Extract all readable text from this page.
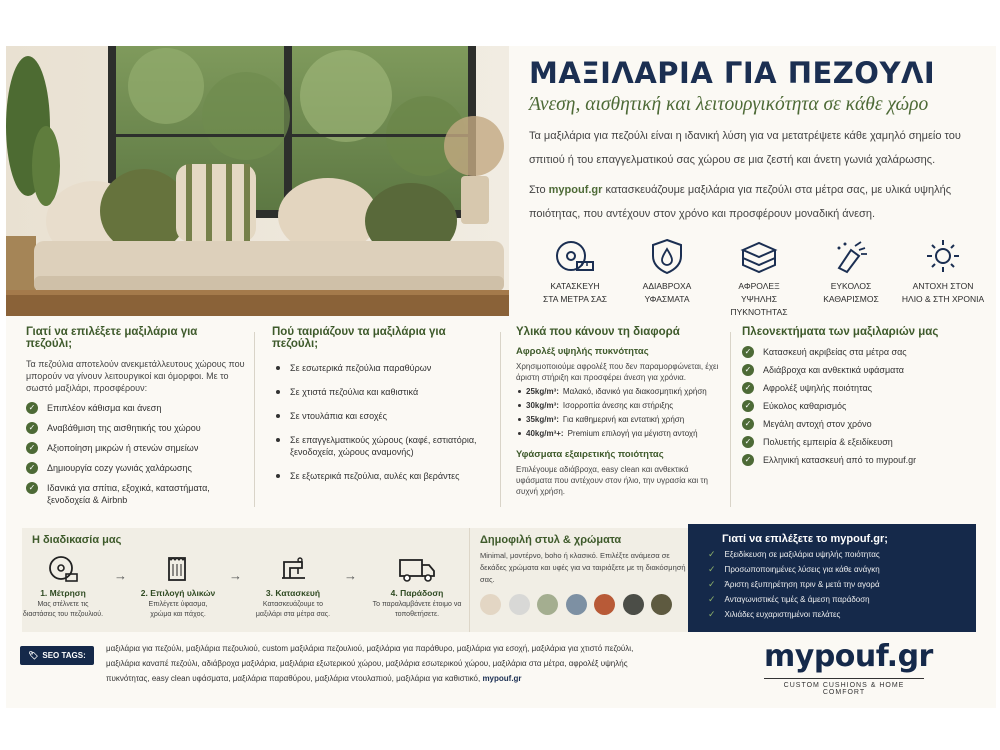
ΜΑΞΙΛΑΡΙΑ ΓΙΑ ΠΕΖΟΥΛΙ
Άνεση, αισθητική και λειτουργικότητα σε κάθε χώρο
Τα μαξιλάρια για πεζούλι είναι η ιδανική λύση για να μετατρέψετε κάθε χαμηλό σημείο του σπιτιού ή του επαγγελματικού σας χώρου σε μια ζεστή και άνετη γωνιά χαλάρωσης.
Στο mypouf.gr κατασκευάζουμε μαξιλάρια για πεζούλι στα μέτρα σας, με υλικά υψηλής ποιότητας, που αντέχουν στον χρόνο και προσφέρουν μοναδική άνεση.
ΚΑΤΑΣΚΕΥΗ
ΣΤΑ ΜΕΤΡΑ ΣΑΣ
ΑΔΙΑΒΡΟΧΑ
ΥΦΑΣΜΑΤΑ
ΑΦΡΟΛΕΞ
ΥΨΗΛΗΣ ΠΥΚΝΟΤΗΤΑΣ
ΕΥΚΟΛΟΣ
ΚΑΘΑΡΙΣΜΟΣ
ΑΝΤΟΧΗ ΣΤΟΝ
ΗΛΙΟ & ΣΤΗ ΧΡΟΝΙΑ
Γιατί να επιλέξετε μαξιλάρια για πεζούλι;

Τα πεζούλια αποτελούν ανεκμετάλλευτους χώρους που μπορούν να γίνουν λειτουργικοί και όμορφοι. Με το σωστό μαξιλάρι, προσφέρουν:

✓ Επιπλέον κάθισμα και άνεση
✓ Αναβάθμιση της αισθητικής του χώρου
✓ Αξιοποίηση μικρών ή στενών σημείων
✓ Δημιουργία cozy γωνιάς χαλάρωσης
✓ Ιδανικά για σπίτια, εξοχικά, καταστήματα, ξενοδοχεία & Airbnb
Πού ταιριάζουν τα μαξιλάρια για πεζούλι;
Σε εσωτερικά πεζούλια παραθύρων
Σε χτιστά πεζούλια και καθιστικά
Σε ντουλάπια και εσοχές
Σε επαγγελματικούς χώρους (καφέ, εστιατόρια, ξενοδοχεία, χώρους αναμονής)
Σε εξωτερικά πεζούλια, αυλές και βεράντες
Υλικά που κάνουν τη διαφορά
Αφρολέξ υψηλής πυκνότητας

Χρησιμοποιούμε αφρολέξ που δεν παραμορφώνεται, έχει άριστη στήριξη και προσφέρει άνεση για χρόνια.

25kg/m³: Μαλακό, ιδανικό για διακοσμητική χρήση
30kg/m³: Ισορροπία άνεσης και στήριξης
35kg/m³: Για καθημερινή και εντατική χρήση
40kg/m³+: Premium επιλογή για μέγιστη αντοχή
Υφάσματα εξαιρετικής ποιότητας

Επιλέγουμε αδιάβροχα, easy clean και ανθεκτικά υφάσματα που αντέχουν στον ήλιο, την υγρασία και τη συχνή χρήση.

Πλεονεκτήματα των μαξιλαριών μας
✓ Κατασκευή ακριβείας στα μέτρα σας
✓ Αδιάβροχα και ανθεκτικά υφάσματα
✓ Αφρολέξ υψηλής ποιότητας
✓ Εύκολος καθαρισμός
✓ Μεγάλη αντοχή στον χρόνο
✓ Πολυετής εμπειρία & εξειδίκευση
✓ Ελληνική κατασκευή από το mypouf.gr
Η διαδικασία μας
1. Μέτρηση
Μας στέλνετε τις διαστάσεις του πεζουλιού.
→
2. Επιλογή υλικών
Επιλέγετε ύφασμα, χρώμα και πάχος.
→
3. Κατασκευή
Κατασκευάζουμε το μαξιλάρι στα μέτρα σας.
→
4. Παράδοση
Το παραλαμβάνετε έτοιμο να τοποθετήσετε.
Δημοφιλή στυλ & χρώματα

Minimal, μοντέρνο, boho ή κλασικό. Επιλέξτε ανάμεσα σε δεκάδες χρώματα και υφές για να ταιριάξετε με τη διακόσμησή σας.

Γιατί να επιλέξετε το mypouf.gr;
✓ Εξειδίκευση σε μαξιλάρια υψηλής ποιότητας
✓ Προσωποποιημένες λύσεις για κάθε ανάγκη
✓ Άριστη εξυπηρέτηση πριν & μετά την αγορά
✓ Ανταγωνιστικές τιμές & άμεση παράδοση
✓ Χιλιάδες ευχαριστημένοι πελάτες
🏷 SEO TAGS:
μαξιλάρια για πεζούλι, μαξιλάρια πεζουλιού, custom μαξιλάρια πεζουλιού, μαξιλάρια για παράθυρο, μαξιλάρια για εσοχή, μαξιλάρια για χτιστό πεζούλι, μαξιλάρια καναπέ πεζούλι, αδιάβροχα μαξιλάρια, μαξιλάρια εξωτερικού χώρου, μαξιλάρια εσωτερικού χώρου, μαξιλάρια στα μέτρα, αφρολέξ υψηλής πυκνότητας, easy clean υφάσματα, μαξιλάρια παραθύρου, μαξιλάρια ντουλαπιού, μαξιλάρια για καθιστικό, mypouf.gr
mypouf.gr
CUSTOM CUSHIONS & HOME COMFORT
